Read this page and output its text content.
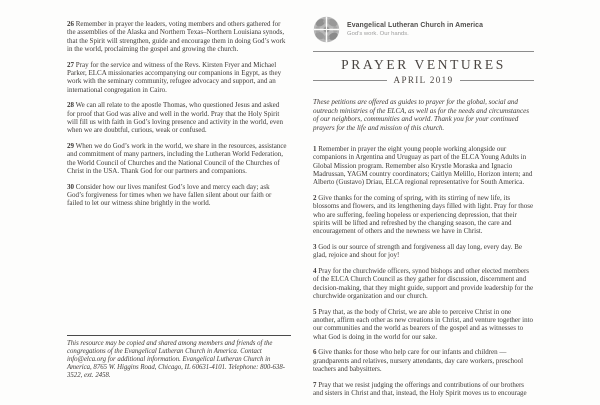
26 Remember in prayer the leaders, voting members and others gathered for the assemblies of the Alaska and Northern Texas–Northern Louisiana synods, that the Spirit will strengthen, guide and encourage them in doing God’s work in the world, proclaiming the gospel and growing the church.

27 Pray for the service and witness of the Revs. Kirsten Fryer and Michael Parker, ELCA missionaries accompanying our companions in Egypt, as they work with the seminary community, refugee advocacy and support, and an international congregation in Cairo.

28 We can all relate to the apostle Thomas, who questioned Jesus and asked for proof that God was alive and well in the world. Pray that the Holy Spirit will fill us with faith in God’s loving presence and activity in the world, even when we are doubtful, curious, weak or confused.

29 When we do God’s work in the world, we share in the resources, assistance and commitment of many partners, including the Lutheran World Federation, the World Council of Churches and the National Council of the Churches of Christ in the USA. Thank God for our partners and companions.

30 Consider how our lives manifest God’s love and mercy each day; ask God’s forgiveness for times when we have fallen silent about our faith or failed to let our witness shine brightly in the world.

This resource may be copied and shared among members and friends of the congregations of the Evangelical Lutheran Church in America. Contact info@elca.org for additional information. Evangelical Lutheran Church in America, 8765 W. Higgins Road, Chicago, IL 60631-4101. Telephone: 800-638-3522, ext. 2458.

Evangelical Lutheran Church in America
God’s work. Our hands.
PRAYER VENTURES
APRIL 2019

These petitions are offered as guides to prayer for the global, social and outreach ministries of the ELCA, as well as for the needs and circumstances of our neighbors, communities and world. Thank you for your continued prayers for the life and mission of this church.

1 Remember in prayer the eight young people working alongside our companions in Argentina and Uruguay as part of the ELCA Young Adults in Global Mission program. Remember also Krystle Moraska and Ignacio Madrussan, YAGM country coordinators; Caitlyn Melillo, Horizon intern; and Alberto (Gustavo) Driau, ELCA regional representative for South America.

2 Give thanks for the coming of spring, with its stirring of new life, its blossoms and flowers, and its lengthening days filled with light. Pray for those who are suffering, feeling hopeless or experiencing depression, that their spirits will be lifted and refreshed by the changing season, the care and encouragement of others and the newness we have in Christ.

3 God is our source of strength and forgiveness all day long, every day. Be glad, rejoice and shout for joy!

4 Pray for the churchwide officers, synod bishops and other elected members of the ELCA Church Council as they gather for discussion, discernment and decision-making, that they might guide, support and provide leadership for the churchwide organization and our church.

5 Pray that, as the body of Christ, we are able to perceive Christ in one another, affirm each other as new creations in Christ, and venture together into our communities and the world as bearers of the gospel and as witnesses to what God is doing in the world for our sake.

6 Give thanks for those who help care for our infants and children — grandparents and relatives, nursery attendants, day care workers, preschool teachers and babysitters.

7 Pray that we resist judging the offerings and contributions of our brothers and sisters in Christ and that, instead, the Holy Spirit moves us to encourage
